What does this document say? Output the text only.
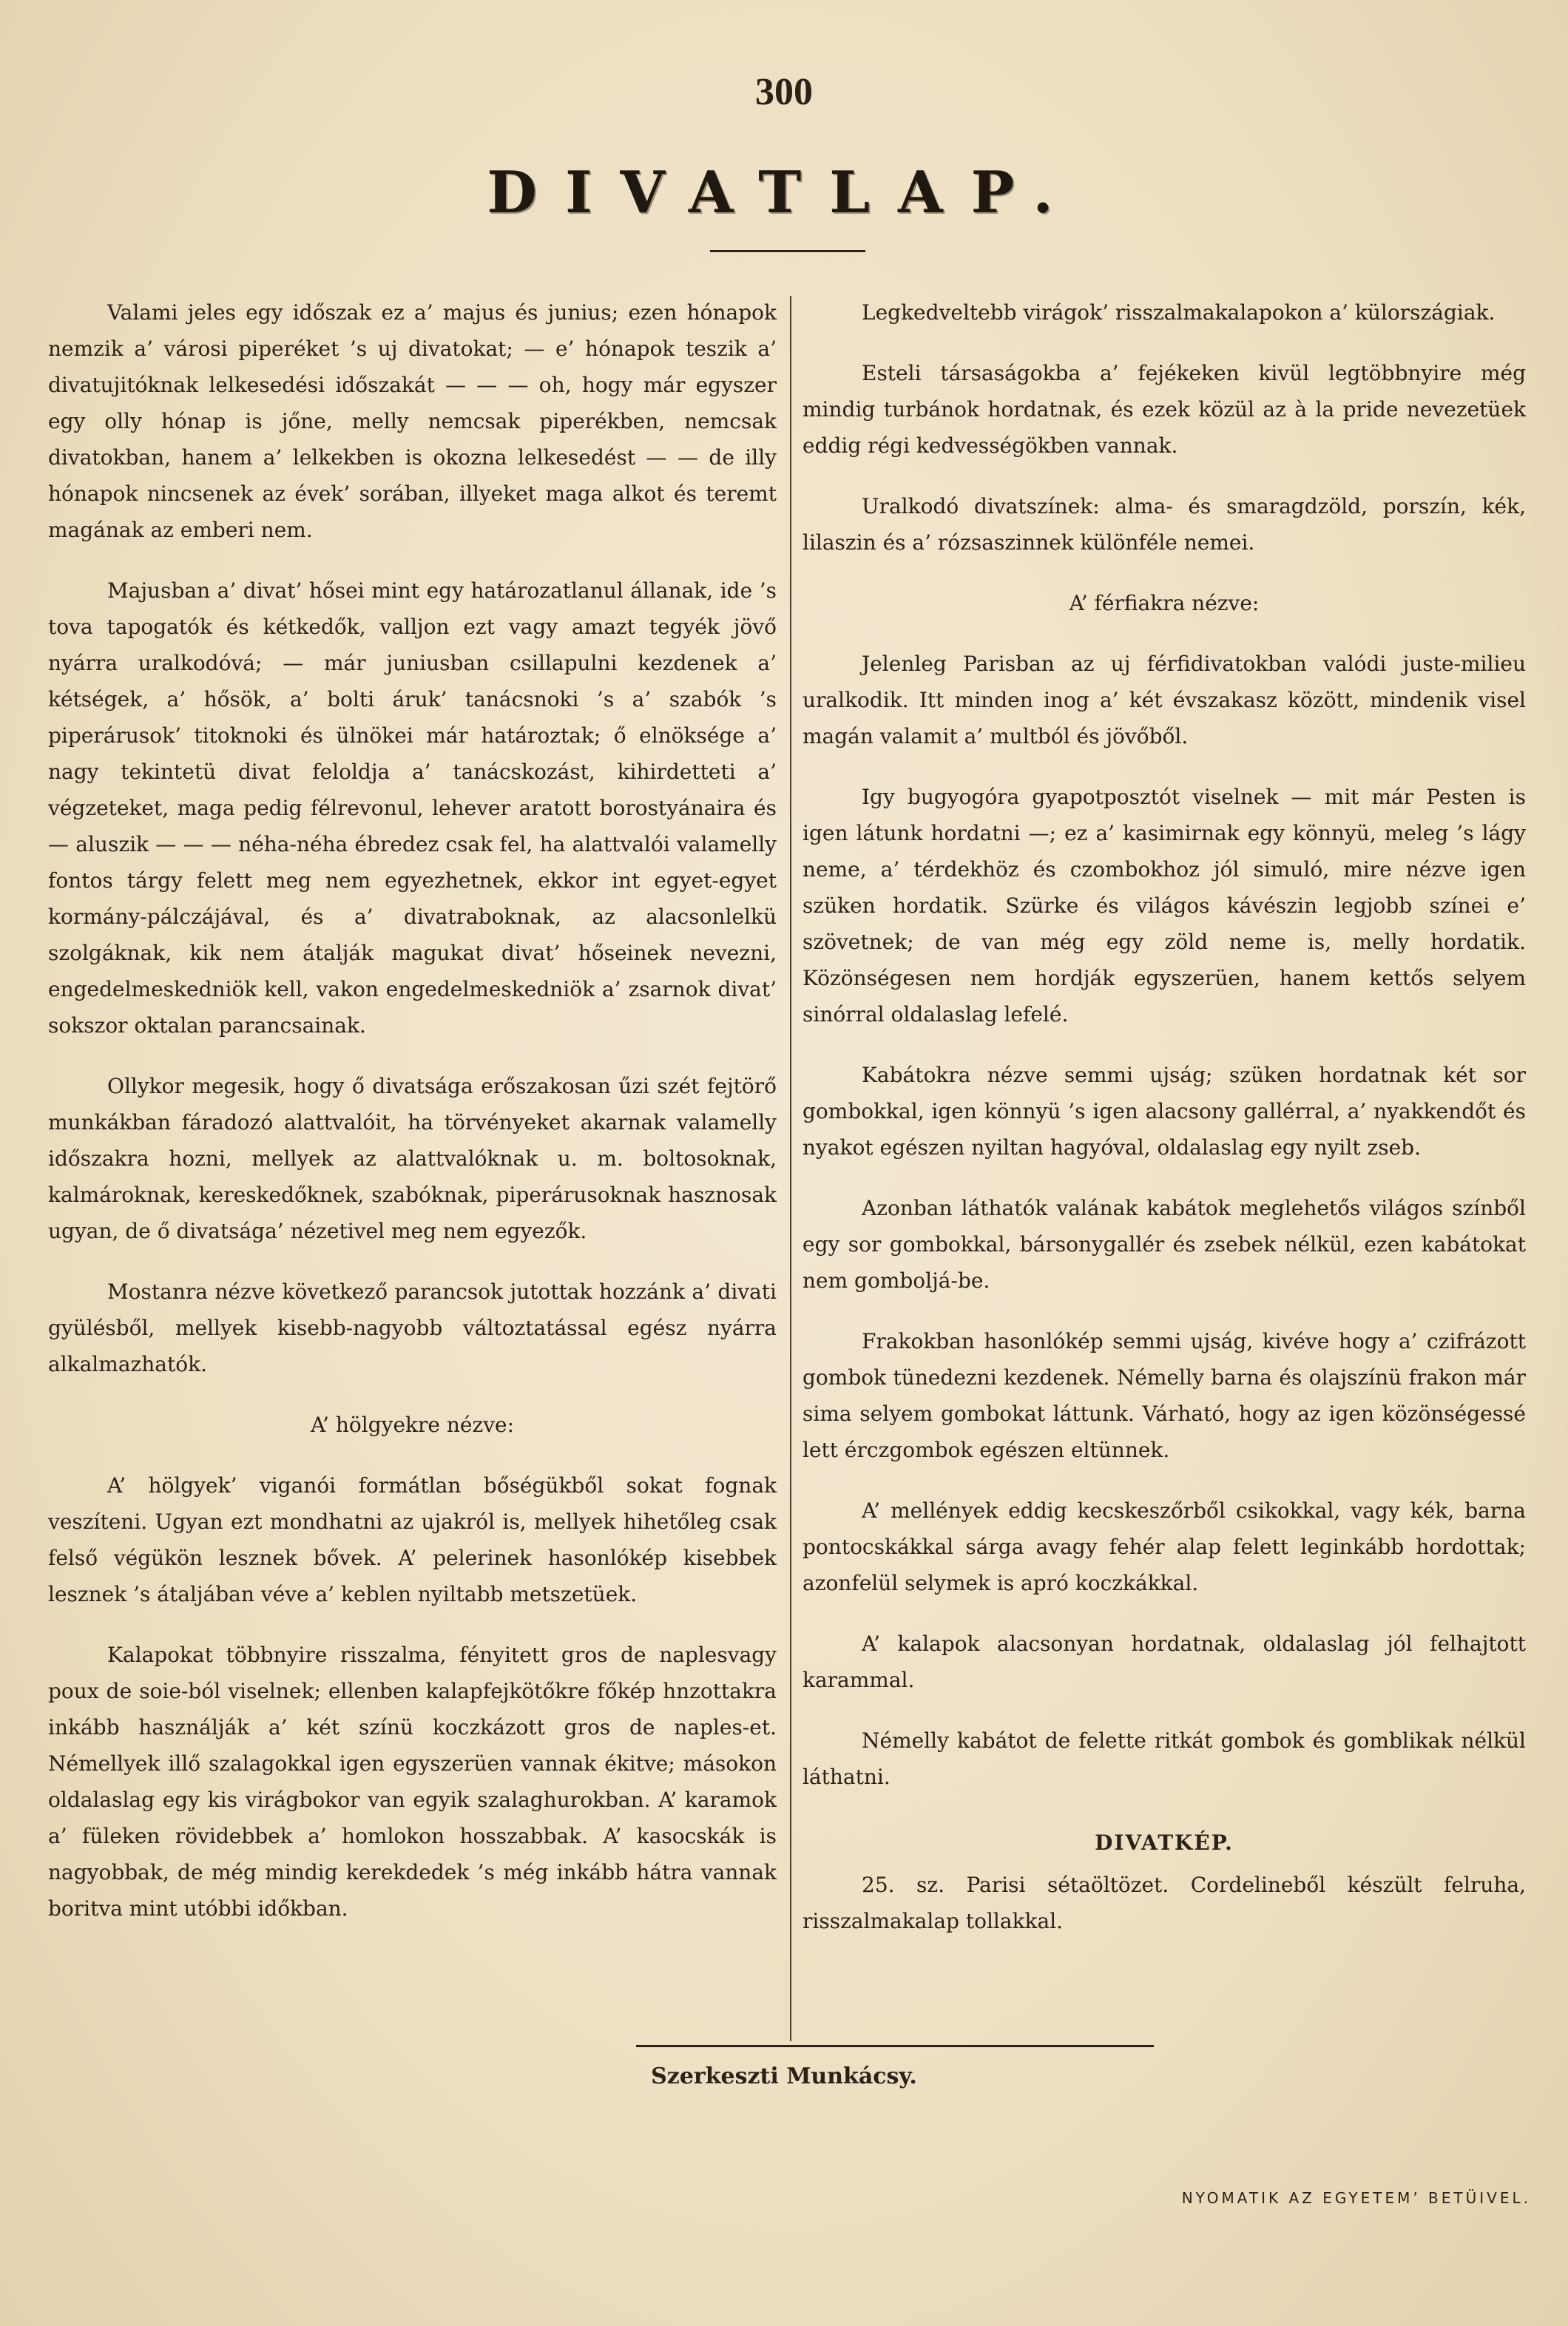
300
DIVATLAP.

Valami jeles egy időszak ez a’ majus és junius; ezen hónapok nemzik a’ városi piperéket ’s uj divatokat; — e’ hónapok teszik a’ divatujitóknak lelkesedési időszakát — — — oh, hogy már egyszer egy olly hónap is jőne, melly nemcsak piperékben, nemcsak divatokban, hanem a’ lelkekben is okozna lelkesedést — — de illy hónapok nincsenek az évek’ sorában, illyeket maga alkot és teremt magának az emberi nem.

Majusban a’ divat’ hősei mint egy határozatlanul állanak, ide ’s tova tapogatók és kétkedők, valljon ezt vagy amazt tegyék jövő nyárra uralkodóvá; — már juniusban csillapulni kezdenek a’ kétségek, a’ hősök, a’ bolti áruk’ tanácsnoki ’s a’ szabók ’s piperárusok’ titoknoki és ülnökei már határoztak; ő elnöksége a’ nagy tekintetü divat feloldja a’ tanácskozást, kihirdetteti a’ végzeteket, maga pedig félrevonul, lehever aratott borostyánaira és — aluszik — — — néha-néha ébredez csak fel, ha alattvalói valamelly fontos tárgy felett meg nem egyezhetnek, ekkor int egyet-egyet kormány-pálczájával, és a’ divatraboknak, az alacsonlelkü szolgáknak, kik nem átalják magukat divat’ hőseinek nevezni, engedelmeskedniök kell, vakon engedelmeskedniök a’ zsarnok divat’ sokszor oktalan parancsainak.

Ollykor megesik, hogy ő divatsága erőszakosan űzi szét fejtörő munkákban fáradozó alattvalóit, ha törvényeket akarnak valamelly időszakra hozni, mellyek az alattvalóknak u. m. boltosoknak, kalmároknak, kereskedőknek, szabóknak, piperárusoknak hasznosak ugyan, de ő divatsága’ nézetivel meg nem egyezők.

Mostanra nézve következő parancsok jutottak hozzánk a’ divati gyülésből, mellyek kisebb-nagyobb változtatással egész nyárra alkalmazhatók.

A’ hölgyekre nézve:

A’ hölgyek’ viganói formátlan bőségükből sokat fognak veszíteni. Ugyan ezt mondhatni az ujakról is, mellyek hihetőleg csak felső végükön lesznek bővek. A’ pelerinek hasonlókép kisebbek lesznek ’s átaljában véve a’ keblen nyiltabb metszetüek.

Kalapokat többnyire risszalma, fényitett gros de naplesvagy poux de soie-ból viselnek; ellenben kalapfejkötőkre főkép hnzottakra inkább használják a’ két színü koczkázott gros de naples-et. Némellyek illő szalagokkal igen egyszerüen vannak ékitve; másokon oldalaslag egy kis virágbokor van egyik szalaghurokban. A’ karamok a’ füleken rövidebbek a’ homlokon hosszabbak. A’ kasocskák is nagyobbak, de még mindig kerekdedek ’s még inkább hátra vannak boritva mint utóbbi időkban.

Legkedveltebb virágok’ risszalmakalapokon a’ külországiak.

Esteli társaságokba a’ fejékeken kivül legtöbbnyire még mindig turbánok hordatnak, és ezek közül az à la pride nevezetüek eddig régi kedvességökben vannak.

Uralkodó divatszínek: alma- és smaragdzöld, porszín, kék, lilaszin és a’ rózsaszinnek különféle nemei.

A’ férfiakra nézve:

Jelenleg Parisban az uj férfidivatokban valódi juste-milieu uralkodik. Itt minden inog a’ két évszakasz között, mindenik visel magán valamit a’ multból és jövőből.

Igy bugyogóra gyapotposztót viselnek — mit már Pesten is igen látunk hordatni —; ez a’ kasimirnak egy könnyü, meleg ’s lágy neme, a’ térdekhöz és czombokhoz jól simuló, mire nézve igen szüken hordatik. Szürke és világos kávészin legjobb színei e’ szövetnek; de van még egy zöld neme is, melly hordatik. Közönségesen nem hordják egyszerüen, hanem kettős selyem sinórral oldalaslag lefelé.

Kabátokra nézve semmi ujság; szüken hordatnak két sor gombokkal, igen könnyü ’s igen alacsony gallérral, a’ nyakkendőt és nyakot egészen nyiltan hagyóval, oldalaslag egy nyilt zseb.

Azonban láthatók valának kabátok meglehetős világos színből egy sor gombokkal, bársonygallér és zsebek nélkül, ezen kabátokat nem gomboljá-be.

Frakokban hasonlókép semmi ujság, kivéve hogy a’ czifrázott gombok tünedezni kezdenek. Némelly barna és olajszínü frakon már sima selyem gombokat láttunk. Várható, hogy az igen közönségessé lett érczgombok egészen eltünnek.

A’ mellények eddig kecskeszőrből csikokkal, vagy kék, barna pontocskákkal sárga avagy fehér alap felett leginkább hordottak; azonfelül selymek is apró koczkákkal.

A’ kalapok alacsonyan hordatnak, oldalaslag jól felhajtott karammal.

Némelly kabátot de felette ritkát gombok és gomblikak nélkül láthatni.

DIVATKÉP.

25. sz. Parisi sétaöltözet. Cordelineből készült felruha, risszalmakalap tollakkal.

Szerkeszti Munkácsy.
NYOMATIK AZ EGYETEM’ BETÜIVEL.
